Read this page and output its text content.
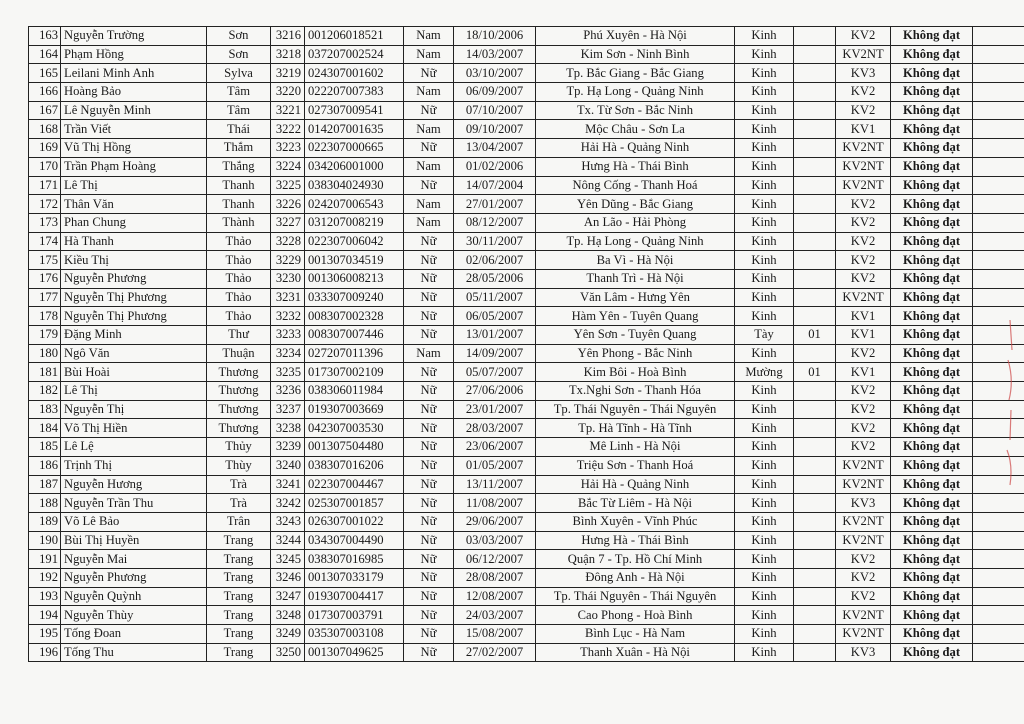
163	Nguyễn Trường	Sơn	3216	001206018521	Nam	18/10/2006	Phú Xuyên - Hà Nội	Kinh		KV2	Không đạt	
164	Phạm Hồng	Sơn	3218	037207002524	Nam	14/03/2007	Kim Sơn - Ninh Bình	Kinh		KV2NT	Không đạt	
165	Leilani Minh Anh	Sylva	3219	024307001602	Nữ	03/10/2007	Tp. Bắc Giang - Bắc Giang	Kinh		KV3	Không đạt	
166	Hoàng Bảo	Tâm	3220	022207007383	Nam	06/09/2007	Tp. Hạ Long - Quảng Ninh	Kinh		KV2	Không đạt	
167	Lê Nguyễn Minh	Tâm	3221	027307009541	Nữ	07/10/2007	Tx. Từ Sơn - Bắc Ninh	Kinh		KV2	Không đạt	
168	Trần Viết	Thái	3222	014207001635	Nam	09/10/2007	Mộc Châu - Sơn La	Kinh		KV1	Không đạt	
169	Vũ Thị Hồng	Thắm	3223	022307000665	Nữ	13/04/2007	Hải Hà - Quảng Ninh	Kinh		KV2NT	Không đạt	
170	Trần Phạm Hoàng	Thắng	3224	034206001000	Nam	01/02/2006	Hưng Hà - Thái Bình	Kinh		KV2NT	Không đạt	
171	Lê Thị	Thanh	3225	038304024930	Nữ	14/07/2004	Nông Cống - Thanh Hoá	Kinh		KV2NT	Không đạt	
172	Thân Văn	Thanh	3226	024207006543	Nam	27/01/2007	Yên Dũng - Bắc Giang	Kinh		KV2	Không đạt	
173	Phan Chung	Thành	3227	031207008219	Nam	08/12/2007	An Lão - Hải Phòng	Kinh		KV2	Không đạt	
174	Hà Thanh	Thảo	3228	022307006042	Nữ	30/11/2007	Tp. Hạ Long - Quảng Ninh	Kinh		KV2	Không đạt	
175	Kiều Thị	Thảo	3229	001307034519	Nữ	02/06/2007	Ba Vì - Hà Nội	Kinh		KV2	Không đạt	
176	Nguyễn Phương	Thảo	3230	001306008213	Nữ	28/05/2006	Thanh Trì - Hà Nội	Kinh		KV2	Không đạt	
177	Nguyễn Thị Phương	Thảo	3231	033307009240	Nữ	05/11/2007	Văn Lâm - Hưng Yên	Kinh		KV2NT	Không đạt	
178	Nguyễn Thị Phương	Thảo	3232	008307002328	Nữ	06/05/2007	Hàm Yên - Tuyên Quang	Kinh		KV1	Không đạt	
179	Đặng Minh	Thư	3233	008307007446	Nữ	13/01/2007	Yên Sơn - Tuyên Quang	Tày	01	KV1	Không đạt	
180	Ngô Văn	Thuận	3234	027207011396	Nam	14/09/2007	Yên Phong - Bắc Ninh	Kinh		KV2	Không đạt	
181	Bùi Hoài	Thương	3235	017307002109	Nữ	05/07/2007	Kim Bôi - Hoà Bình	Mường	01	KV1	Không đạt	
182	Lê Thị	Thương	3236	038306011984	Nữ	27/06/2006	Tx.Nghi Sơn - Thanh Hóa	Kinh		KV2	Không đạt	
183	Nguyễn Thị	Thương	3237	019307003669	Nữ	23/01/2007	Tp. Thái Nguyên - Thái Nguyên	Kinh		KV2	Không đạt	
184	Võ Thị Hiền	Thương	3238	042307003530	Nữ	28/03/2007	Tp. Hà Tĩnh - Hà Tĩnh	Kinh		KV2	Không đạt	
185	Lê Lệ	Thủy	3239	001307504480	Nữ	23/06/2007	Mê Linh - Hà Nội	Kinh		KV2	Không đạt	
186	Trịnh Thị	Thùy	3240	038307016206	Nữ	01/05/2007	Triệu Sơn - Thanh Hoá	Kinh		KV2NT	Không đạt	
187	Nguyễn Hương	Trà	3241	022307004467	Nữ	13/11/2007	Hải Hà - Quảng Ninh	Kinh		KV2NT	Không đạt	
188	Nguyễn Trần Thu	Trà	3242	025307001857	Nữ	11/08/2007	Bắc Từ Liêm - Hà Nội	Kinh		KV3	Không đạt	
189	Võ Lê Bảo	Trân	3243	026307001022	Nữ	29/06/2007	Bình Xuyên - Vĩnh Phúc	Kinh		KV2NT	Không đạt	
190	Bùi Thị Huyền	Trang	3244	034307004490	Nữ	03/03/2007	Hưng Hà - Thái Bình	Kinh		KV2NT	Không đạt	
191	Nguyễn Mai	Trang	3245	038307016985	Nữ	06/12/2007	Quận 7 - Tp. Hồ Chí Minh	Kinh		KV2	Không đạt	
192	Nguyễn Phương	Trang	3246	001307033179	Nữ	28/08/2007	Đông Anh - Hà Nội	Kinh		KV2	Không đạt	
193	Nguyễn Quỳnh	Trang	3247	019307004417	Nữ	12/08/2007	Tp. Thái Nguyên - Thái Nguyên	Kinh		KV2	Không đạt	
194	Nguyễn Thùy	Trang	3248	017307003791	Nữ	24/03/2007	Cao Phong - Hoà Bình	Kinh		KV2NT	Không đạt	
195	Tống Đoan	Trang	3249	035307003108	Nữ	15/08/2007	Bình Lục - Hà Nam	Kinh		KV2NT	Không đạt	
196	Tống Thu	Trang	3250	001307049625	Nữ	27/02/2007	Thanh Xuân - Hà Nội	Kinh		KV3	Không đạt	
